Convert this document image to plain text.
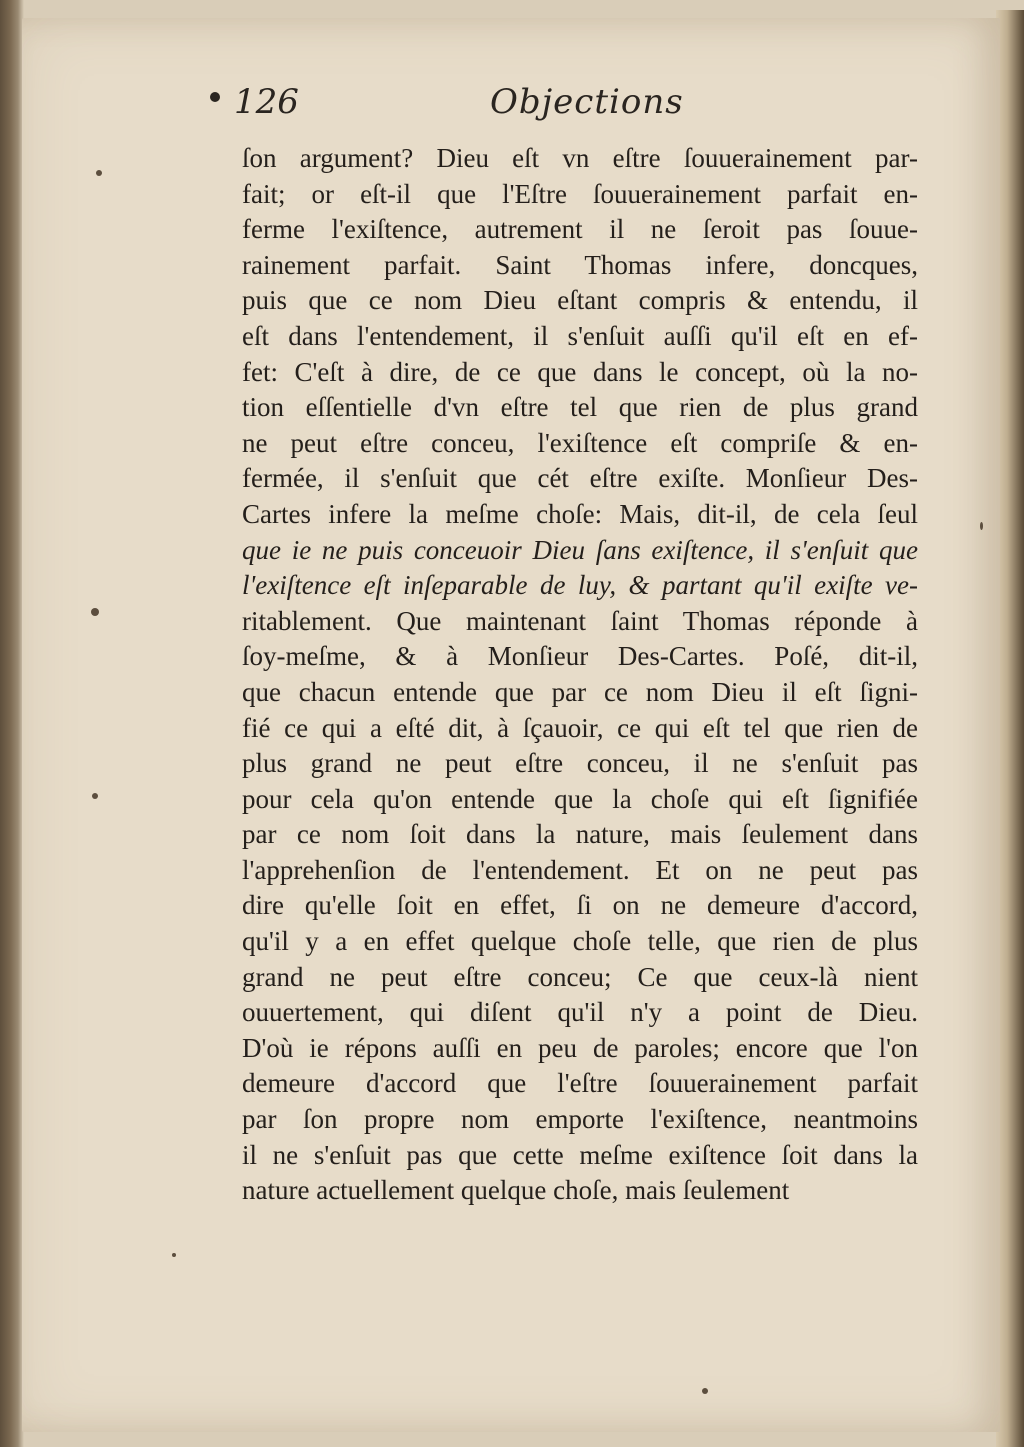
126	Objections
ſon argument? Dieu eſt vn eſtre ſouuerainement par-
fait; or eſt-il que l'Eſtre ſouuerainement parfait en-
ferme l'exiſtence, autrement il ne ſeroit pas ſouue-
rainement parfait. Saint Thomas infere, doncques,
puis que ce nom Dieu eſtant compris & entendu, il
eſt dans l'entendement, il s'enſuit auſſi qu'il eſt en ef-
fet: C'eſt à dire, de ce que dans le concept, où la no-
tion eſſentielle d'vn eſtre tel que rien de plus grand
ne peut eſtre conceu, l'exiſtence eſt compriſe & en-
fermée, il s'enſuit que cét eſtre exiſte. Monſieur Des-
Cartes infere la meſme choſe: Mais, dit-il, de cela ſeul
que ie ne puis conceuoir Dieu ſans exiſtence, il s'enſuit que
l'exiſtence eſt inſeparable de luy, & partant qu'il exiſte ve-
ritablement. Que maintenant ſaint Thomas réponde à
ſoy-meſme, & à Monſieur Des-Cartes. Poſé, dit-il,
que chacun entende que par ce nom Dieu il eſt ſigni-
fié ce qui a eſté dit, à ſçauoir, ce qui eſt tel que rien de
plus grand ne peut eſtre conceu, il ne s'enſuit pas
pour cela qu'on entende que la choſe qui eſt ſignifiée
par ce nom ſoit dans la nature, mais ſeulement dans
l'apprehenſion de l'entendement. Et on ne peut pas
dire qu'elle ſoit en effet, ſi on ne demeure d'accord,
qu'il y a en effet quelque choſe telle, que rien de plus
grand ne peut eſtre conceu; Ce que ceux-là nient
ouuertement, qui diſent qu'il n'y a point de Dieu.
D'où ie répons auſſi en peu de paroles; encore que l'on
demeure d'accord que l'eſtre ſouuerainement parfait
par ſon propre nom emporte l'exiſtence, neantmoins
il ne s'enſuit pas que cette meſme exiſtence ſoit dans la
nature actuellement quelque choſe, mais ſeulement
